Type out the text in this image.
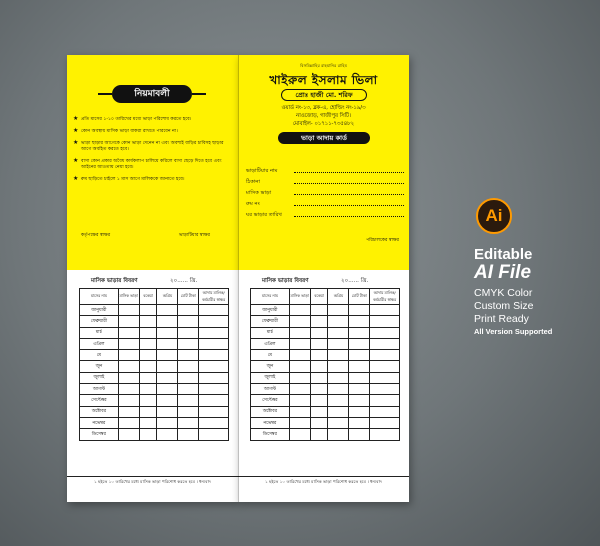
নিয়মাবলী
★ প্রতি মাসের ১-১০ তারিখের মধ্যে ভাড়া পরিশোধ করতে হবে।
★ কোন অবস্থায় মাসিক ভাড়া বাকরা রাখতে পারবেন না।
★ ভাড়া ছাড়ার আগেকে কোন ভাড়া দেনেন না এবং অবশ্যই বাড়ির চাবিসহ ছাড়ার আগে অবহিত করতে হবে।
★ বাসা কোন প্রকার অবৈধ কার্যকলাপ চালিয়ে করিলে বাসা ছেড়ে দিতে হবে এবং আইনের আওতায় নেয়া হবে।
★ রুম ছাড়িতে চাইলে ১ মাস আগে মালিককে জানাতে হবে।
কর্তৃপক্ষের স্বাক্ষর	ভাড়াটিয়ার স্বাক্ষর
মাসিক ভাড়ার বিবরণ	২০...... খ্রি.
মাসের নাম	মাসিক ভাড়া	বকেয়া	অগ্রিম	মোট টাকা	আদায় মালিক/কর্মচারীর স্বাক্ষর
জানুয়ারী					
ফেব্রুয়ারী					
মার্চ					
এপ্রিল					
মে					
জুন					
জুলাই					
আগস্ট					
সেপ্টেম্বর					
অক্টোবর					
নভেম্বর					
ডিসেম্বর					
১ হইতে ১০ তারিখের মধ্যে মাসিক ভাড়া পরিশোধ করতে হবে । ধন্যবাদ
বিসমিল্লাহির রাহমানির রাহিম
খাইরুল ইসলাম ভিলা
প্রোঃ হাজী মো. শরিফ
ওয়ার্ড নং-১৩, ব্লক-এ, হোল্ডিং নং-১৯/৩
নাওজোড়, গাজীপুর সিটি।
মোবাইল- ০১৭১১-৭৩৫৪৮২
ভাড়া আদায় কার্ড
ভাড়াটিয়ার নাম
ঠিকানা
মাসিক ভাড়া
রুম নং
ঘর ভাড়ার তারিখ
পরিচালকের স্বাক্ষর
মাসিক ভাড়ার বিবরণ	২০...... খ্রি.
মাসের নাম	মাসিক ভাড়া	বকেয়া	অগ্রিম	মোট টাকা	আদায় মালিক/কর্মচারীর স্বাক্ষর
জানুয়ারী					
ফেব্রুয়ারী					
মার্চ					
এপ্রিল					
মে					
জুন					
জুলাই					
আগস্ট					
সেপ্টেম্বর					
অক্টোবর					
নভেম্বর					
ডিসেম্বর					
১ হইতে ১০ তারিখের মধ্যে মাসিক ভাড়া পরিশোধ করতে হবে । ধন্যবাদ
Ai
Editable
AI File
CMYK Color
Custom Size
Print Ready
All Version Supported
